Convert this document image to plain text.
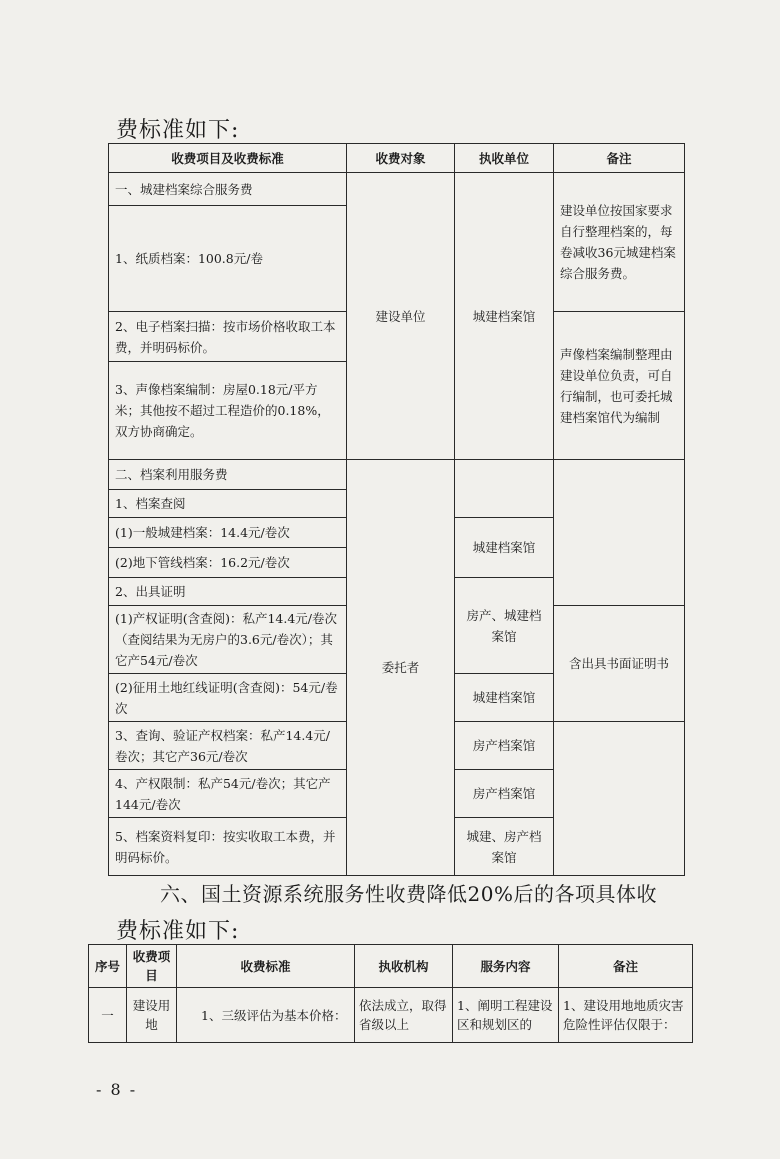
费标准如下:
收费项目及收费标准	收费对象	执收单位	备注
一、城建档案综合服务费	建设单位	城建档案馆	建设单位按国家要求自行整理档案的，每卷减收36元城建档案综合服务费。
1、纸质档案：100.8元/卷			
2、电子档案扫描：按市场价格收取工本费，并明码标价。			声像档案编制整理由建设单位负责，可自行编制，也可委托城建档案馆代为编制
3、声像档案编制：房屋0.18元/平方米；其他按不超过工程造价的0.18%，双方协商确定。			
二、档案利用服务费	委托者		
1、档案查阅			
(1)一般城建档案：14.4元/卷次		城建档案馆	
(2)地下管线档案：16.2元/卷次			
2、出具证明		房产、城建档案馆	
(1)产权证明(含查阅)：私产14.4元/卷次（查阅结果为无房户的3.6元/卷次）；其它产54元/卷次			含出具书面证明书
(2)征用土地红线证明(含查阅)：54元/卷次		城建档案馆	
3、查询、验证产权档案：私产14.4元/卷次；其它产36元/卷次		房产档案馆	
4、产权限制：私产54元/卷次；其它产144元/卷次		房产档案馆	
5、档案资料复印：按实收取工本费，并明码标价。		城建、房产档案馆	
六、国土资源系统服务性收费降低20%后的各项具体收
费标准如下:
序号	收费项目	收费标准	执收机构	服务内容	备注
一	建设用地	1、三级评估为基本价格：	依法成立，取得省级以上	1、阐明工程建设区和规划区的	1、建设用地地质灾害危险性评估仅限于：
- 8 -
